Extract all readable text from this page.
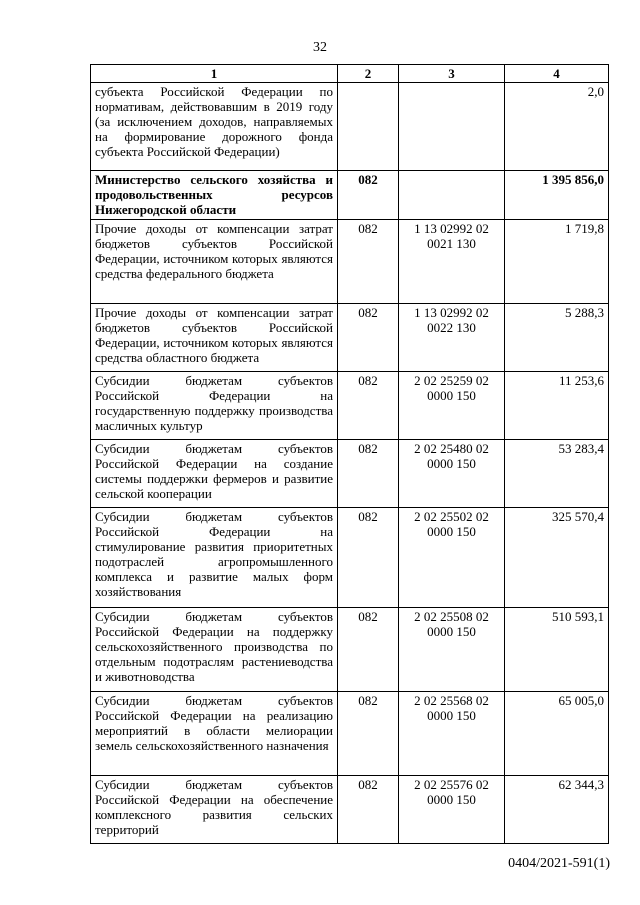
32
1	2	3	4
субъекта Российской Федерации по нормативам, действовавшим в 2019 году (за исключением доходов, направляемых на формирование дорожного фонда субъекта Российской Федерации)			2,0
Министерство сельского хозяйства и продовольственных ресурсов Нижегородской области	082		1 395 856,0
Прочие доходы от компенсации затрат бюджетов субъектов Российской Федерации, источником которых являются средства федерального бюджета	082	1 13 02992 02 0021 130	1 719,8
Прочие доходы от компенсации затрат бюджетов субъектов Российской Федерации, источником которых являются средства областного бюджета	082	1 13 02992 02 0022 130	5 288,3
Субсидии бюджетам субъектов Российской Федерации на государственную поддержку производства масличных культур	082	2 02 25259 02 0000 150	11 253,6
Субсидии бюджетам субъектов Российской Федерации на создание системы поддержки фермеров и развитие сельской кооперации	082	2 02 25480 02 0000 150	53 283,4
Субсидии бюджетам субъектов Российской Федерации на стимулирование развития приоритетных подотраслей агропромышленного комплекса и развитие малых форм хозяйствования	082	2 02 25502 02 0000 150	325 570,4
Субсидии бюджетам субъектов Российской Федерации на поддержку сельскохозяйственного производства по отдельным подотраслям растениеводства и животноводства	082	2 02 25508 02 0000 150	510 593,1
Субсидии бюджетам субъектов Российской Федерации на реализацию мероприятий в области мелиорации земель сельскохозяйственного назначения	082	2 02 25568 02 0000 150	65 005,0
Субсидии бюджетам субъектов Российской Федерации на обеспечение комплексного развития сельских территорий	082	2 02 25576 02 0000 150	62 344,3
0404/2021-591(1)
